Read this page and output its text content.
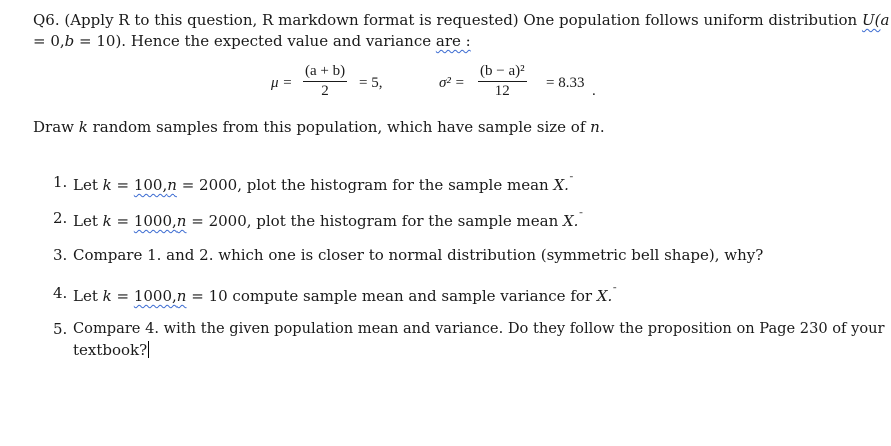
Q6. (Apply R to this question, R markdown format is requested) One population follows uniform distribution U(a
= 0,b = 10). Hence the expected value and variance are :
μ =
(a + b)
2	= 5,	σ² =
(b − a)²
12	= 8.33 .
Draw k random samples from this population, which have sample size of n.
1. Let k = 100,n = 2000, plot the histogram for the sample mean X.¯
2. Let k = 1000,n = 2000, plot the histogram for the sample mean X.¯
3. Compare 1. and 2. which one is closer to normal distribution (symmetric bell shape), why?
4. Let k = 1000,n = 10 compute sample mean and sample variance for X.¯
5. Compare 4. with the given population mean and variance. Do they follow the proposition on Page 230 of your
textbook?
